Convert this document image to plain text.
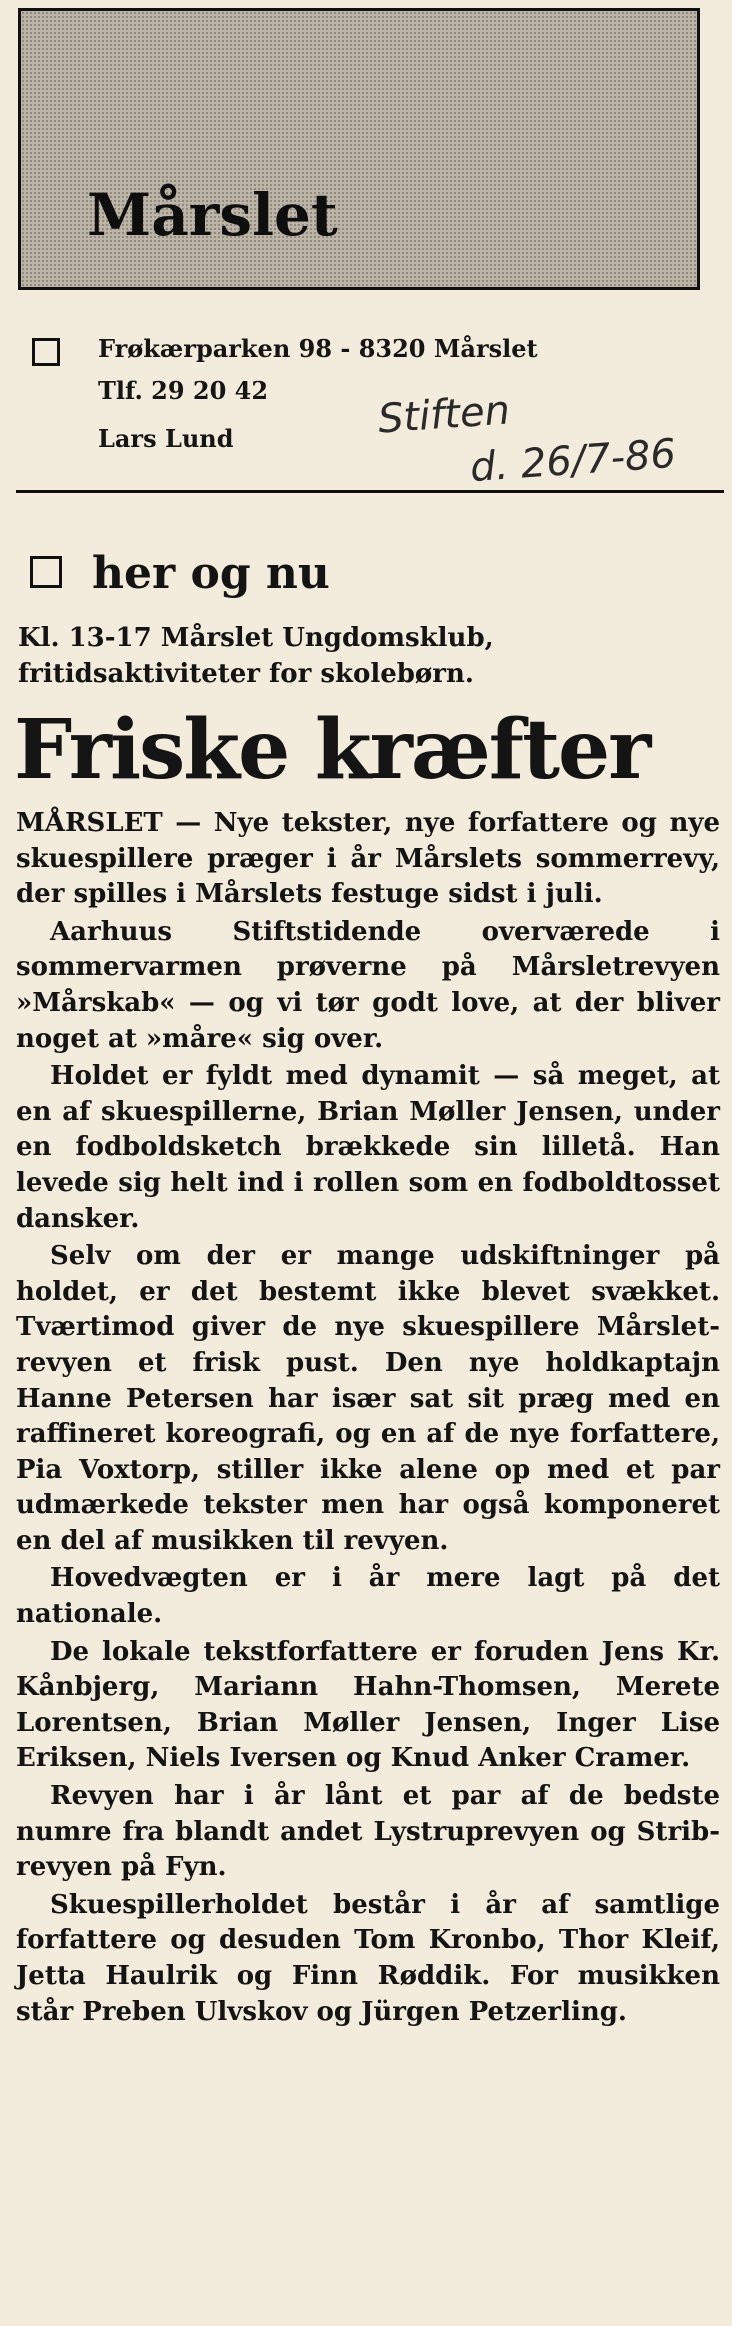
Mårslet
Frøkærparken 98 - 8320 Mårslet
Tlf. 29 20 42
Lars Lund	Stiften
d. 26/7-86
her og nu
Kl. 13-17 Mårslet Ungdomsklub, fritidsaktiviteter for skolebørn.
Friske kræfter

MÅRSLET — Nye tekster, nye forfattere og nye skuespillere præger i år Mårslets sommerrevy, der spilles i Mårslets festuge sidst i juli.

Aarhuus Stiftstidende overværede i sommervarmen prøverne på Mårsletrevyen »Mårskab« — og vi tør godt love, at der bliver noget at »måre« sig over.

Holdet er fyldt med dynamit — så meget, at en af skuespillerne, Brian Møller Jensen, under en fodboldsketch brækkede sin lilletå. Han levede sig helt ind i rollen som en fodboldtosset dansker.

Selv om der er mange udskiftninger på holdet, er det bestemt ikke blevet svækket. Tværtimod giver de nye skuespillere Mårslet-revyen et frisk pust. Den nye holdkaptajn Hanne Petersen har især sat sit præg med en raffineret koreografi, og en af de nye forfattere, Pia Voxtorp, stiller ikke alene op med et par udmærkede tekster men har også komponeret en del af musikken til revyen.

Hovedvægten er i år mere lagt på det nationale.

De lokale tekstforfattere er foruden Jens Kr. Kånbjerg, Mariann Hahn-Thomsen, Merete Lorentsen, Brian Møller Jensen, Inger Lise Eriksen, Niels Iversen og Knud Anker Cramer.

Revyen har i år lånt et par af de bedste numre fra blandt andet Lystruprevyen og Strib-revyen på Fyn.

Skuespillerholdet består i år af samtlige forfattere og desuden Tom Kronbo, Thor Kleif, Jetta Haulrik og Finn Røddik. For musikken står Preben Ulvskov og Jürgen Petzerling.
